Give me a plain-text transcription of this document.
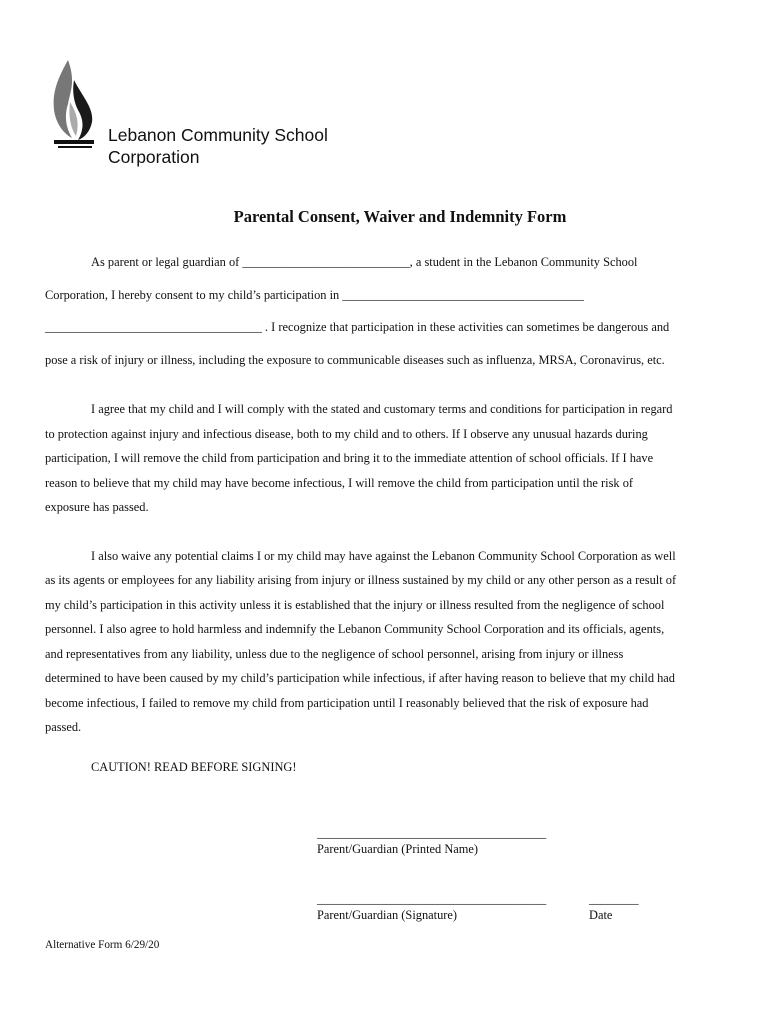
Lebanon Community School
Corporation
Parental Consent, Waiver and Indemnity Form
As parent or legal guardian of ___________________________, a student in the Lebanon Community School
Corporation, I hereby consent to my child’s participation in _______________________________________
___________________________________ . I recognize that participation in these activities can sometimes be dangerous and
pose a risk of injury or illness, including the exposure to communicable diseases such as influenza, MRSA, Coronavirus, etc.
I agree that my child and I will comply with the stated and customary terms and conditions for participation in regard
to protection against injury and infectious disease, both to my child and to others. If I observe any unusual hazards during
participation, I will remove the child from participation and bring it to the immediate attention of school officials. If I have
reason to believe that my child may have become infectious, I will remove the child from participation until the risk of
exposure has passed.
I also waive any potential claims I or my child may have against the Lebanon Community School Corporation as well
as its agents or employees for any liability arising from injury or illness sustained by my child or any other person as a result of
my child’s participation in this activity unless it is established that the injury or illness resulted from the negligence of school
personnel. I also agree to hold harmless and indemnify the Lebanon Community School Corporation and its officials, agents,
and representatives from any liability, unless due to the negligence of school personnel, arising from injury or illness
determined to have been caused by my child’s participation while infectious, if after having reason to believe that my child had
become infectious, I failed to remove my child from participation until I reasonably believed that the risk of exposure had
passed.
CAUTION! READ BEFORE SIGNING!
_____________________________________
Parent/Guardian (Printed Name)
_____________________________________
Parent/Guardian (Signature)
________
Date
Alternative Form 6/29/20
